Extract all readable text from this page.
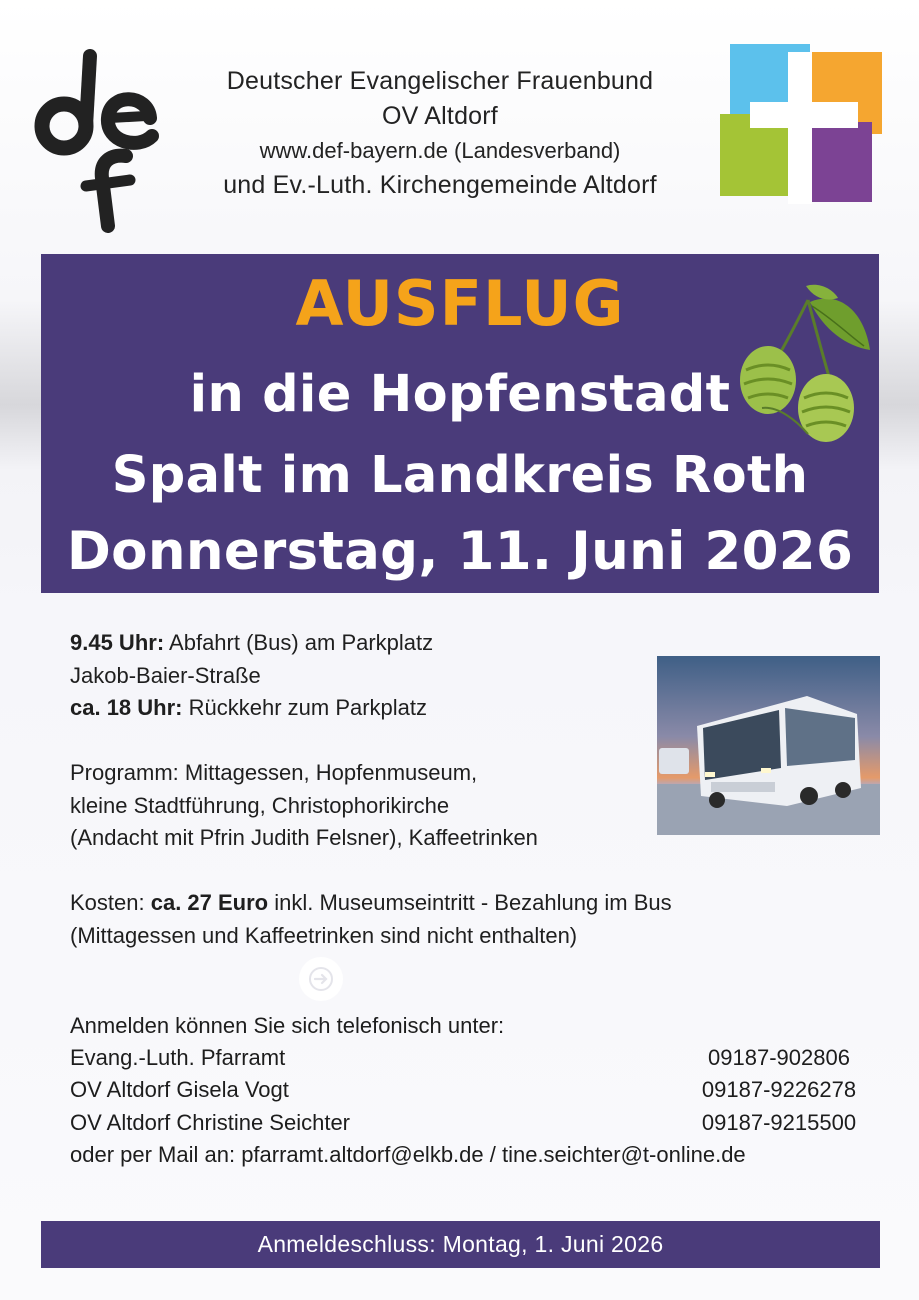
Deutscher Evangelischer Frauenbund
OV Altdorf
www.def-bayern.de (Landesverband)
und Ev.-Luth. Kirchengemeinde Altdorf
AUSFLUG
in die Hopfenstadt
Spalt im Landkreis Roth
Donnerstag, 11. Juni 2026
9.45 Uhr: Abfahrt (Bus) am Parkplatz
Jakob-Baier-Straße
ca. 18 Uhr: Rückkehr zum Parkplatz
Programm: Mittagessen, Hopfenmuseum,
kleine Stadtführung, Christophorikirche
(Andacht mit Pfrin Judith Felsner), Kaffeetrinken
Kosten: ca. 27 Euro inkl. Museumseintritt - Bezahlung im Bus
(Mittagessen und Kaffeetrinken sind nicht enthalten)
Anmelden können Sie sich telefonisch unter:
Evang.-Luth. Pfarramt	09187-902806
OV Altdorf Gisela Vogt	09187-9226278
OV Altdorf Christine Seichter	09187-9215500
oder per Mail an: pfarramt.altdorf@elkb.de / tine.seichter@t-online.de
Anmeldeschluss: Montag, 1. Juni 2026
